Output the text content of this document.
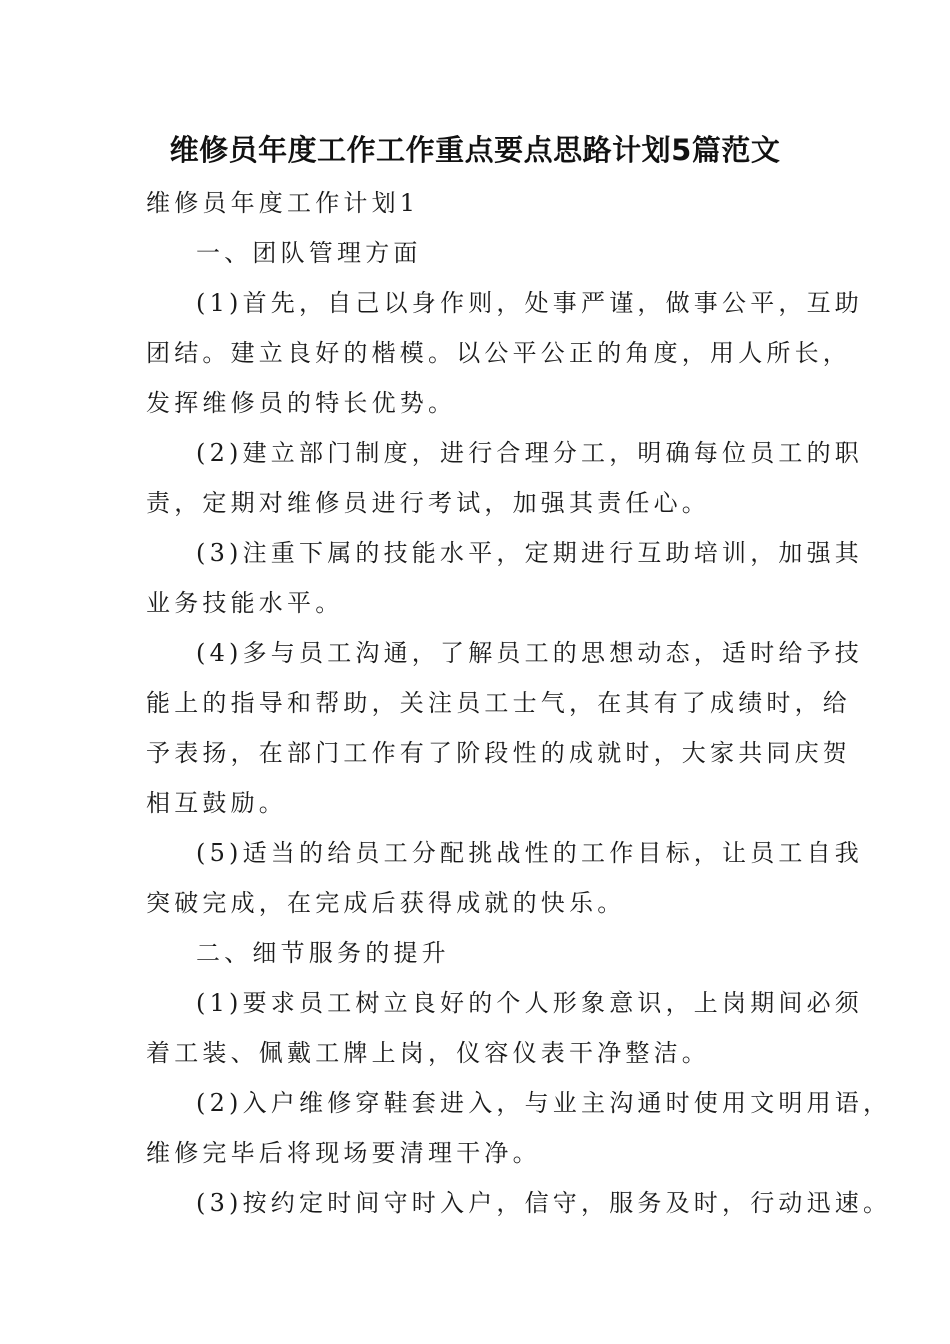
维修员年度工作工作重点要点思路计划5篇范文
维修员年度工作计划1
一、团队管理方面
(1)首先，自己以身作则，处事严谨，做事公平，互助
团结。建立良好的楷模。以公平公正的角度，用人所长，
发挥维修员的特长优势。
(2)建立部门制度，进行合理分工，明确每位员工的职
责，定期对维修员进行考试，加强其责任心。
(3)注重下属的技能水平，定期进行互助培训，加强其
业务技能水平。
(4)多与员工沟通，了解员工的思想动态，适时给予技
能上的指导和帮助，关注员工士气，在其有了成绩时，给
予表扬，在部门工作有了阶段性的成就时，大家共同庆贺
相互鼓励。
(5)适当的给员工分配挑战性的工作目标，让员工自我
突破完成，在完成后获得成就的快乐。
二、细节服务的提升
(1)要求员工树立良好的个人形象意识，上岗期间必须
着工装、佩戴工牌上岗，仪容仪表干净整洁。
(2)入户维修穿鞋套进入，与业主沟通时使用文明用语，
维修完毕后将现场要清理干净。
(3)按约定时间守时入户，信守，服务及时，行动迅速。
